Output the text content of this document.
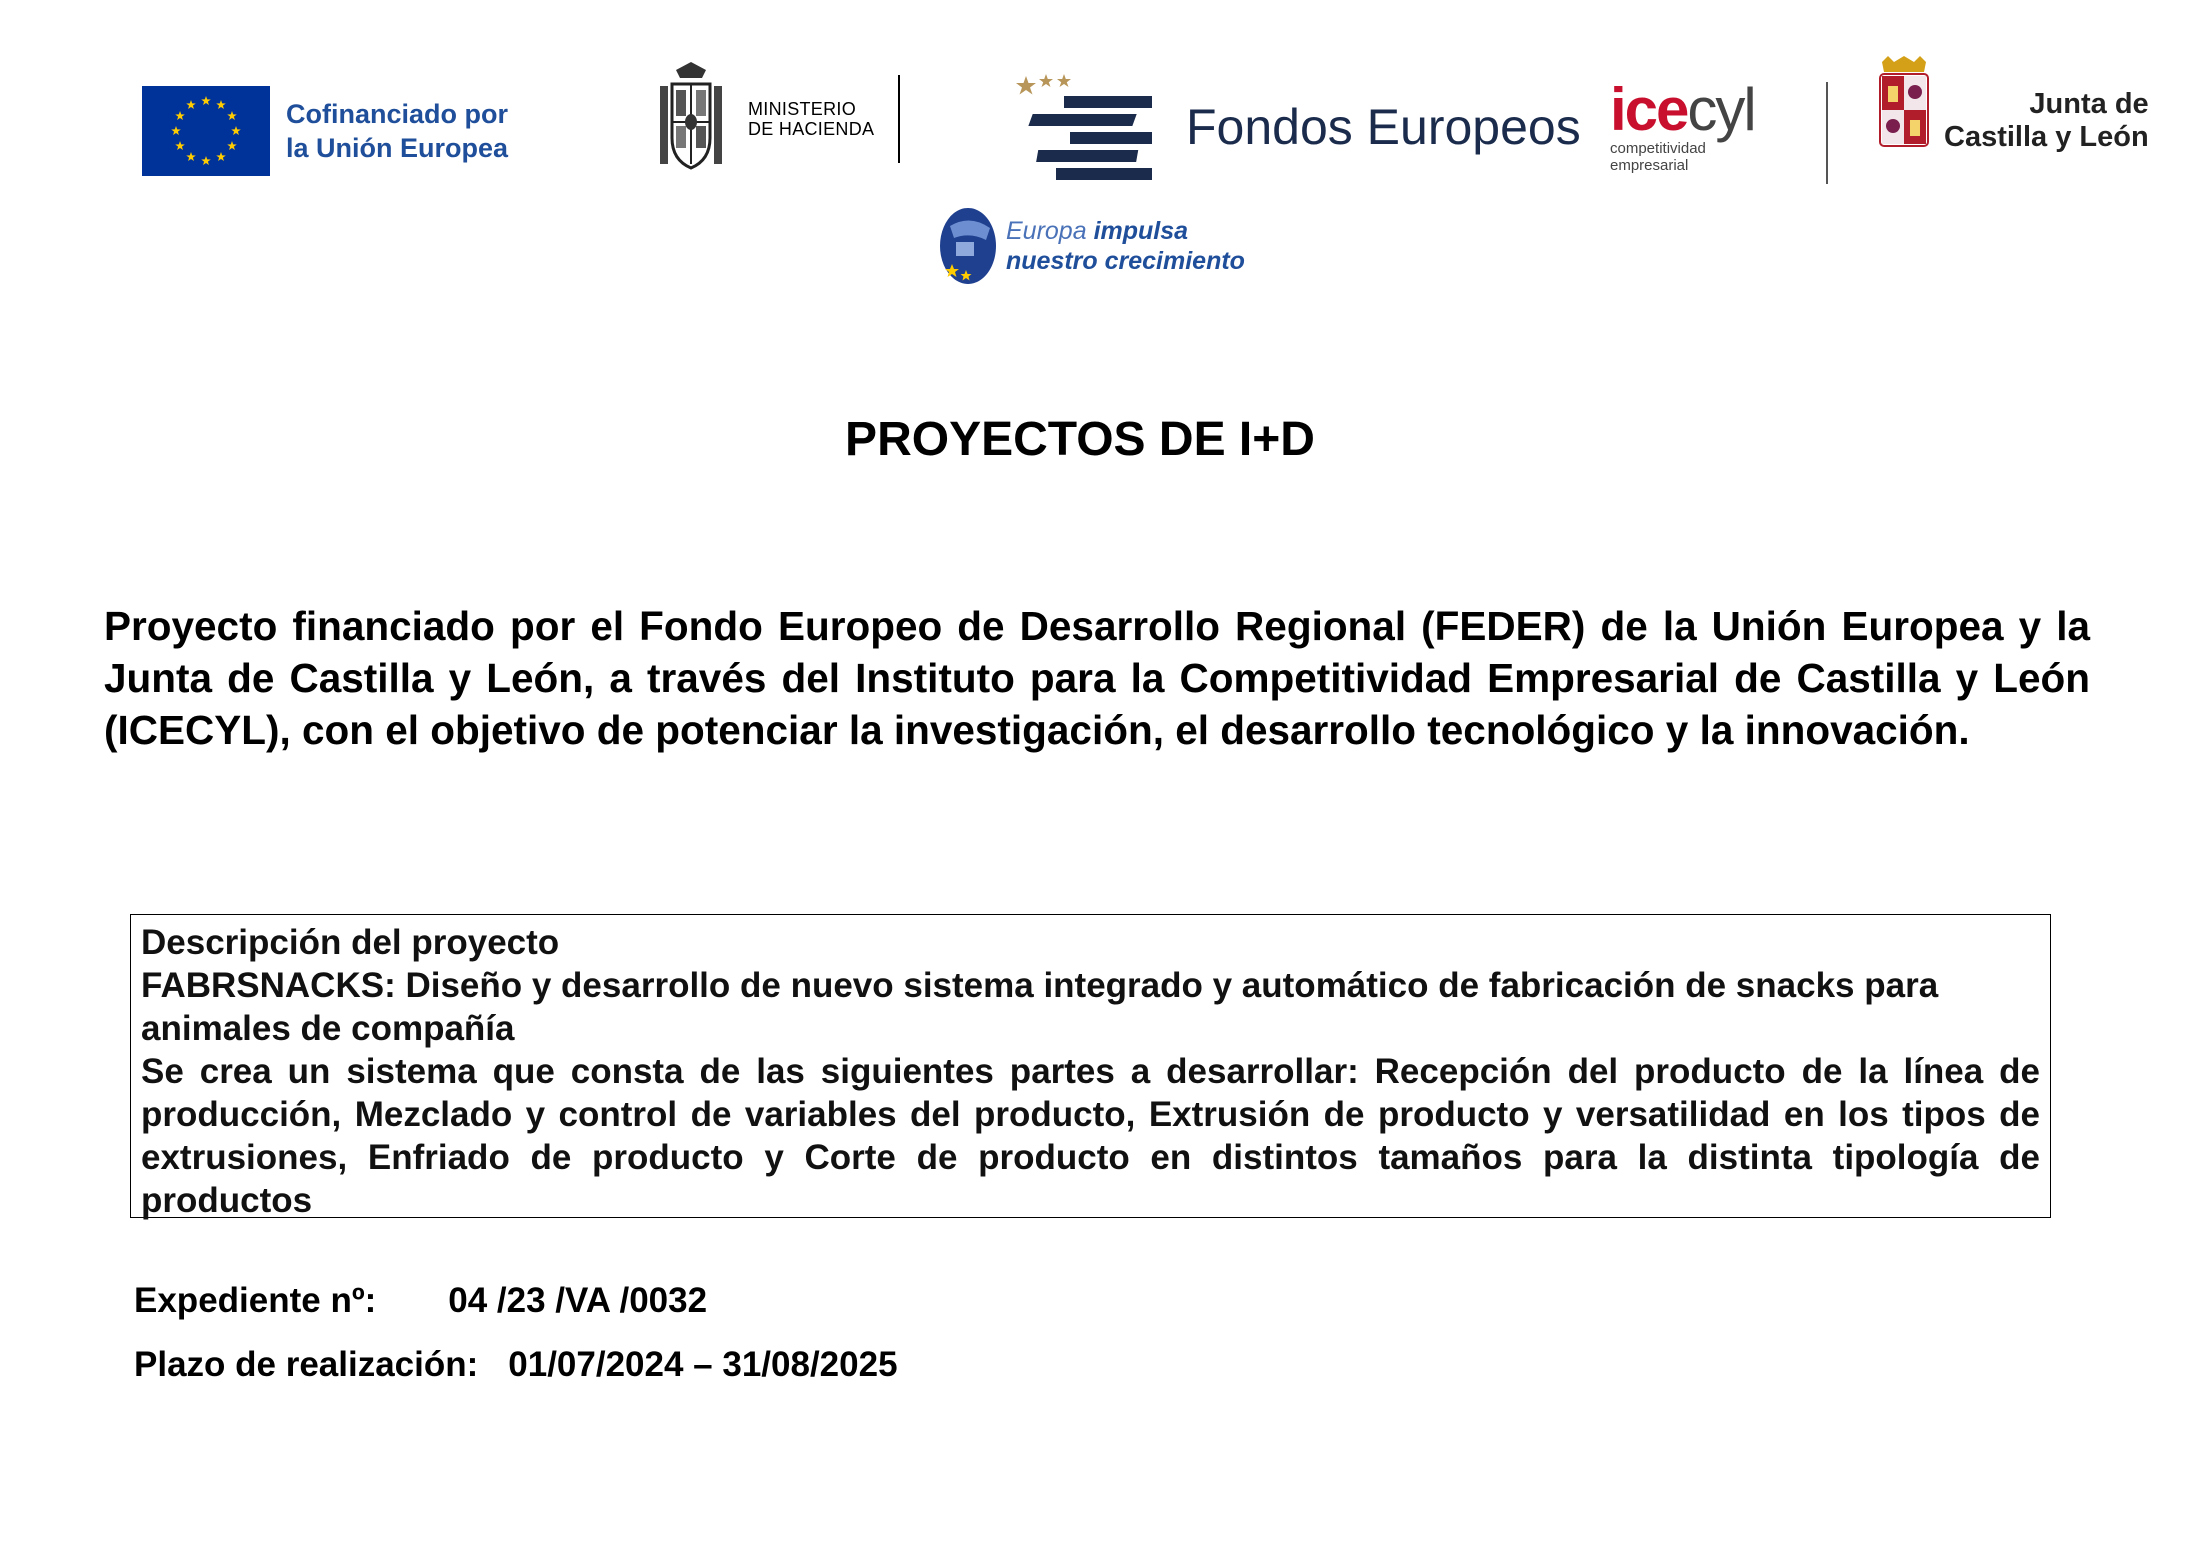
Cofinanciado por
la Unión Europea
MINISTERIO
DE HACIENDA	Fondos Europeos icecyl
competitividad
empresarial
Junta de
Castilla y León
Europa impulsa
nuestro crecimiento
PROYECTOS DE I+D
Proyecto financiado por el Fondo Europeo de Desarrollo Regional (FEDER) de la Unión Europea y la Junta de Castilla y León, a través del Instituto para la Competitividad Empresarial de Castilla y León (ICECYL), con el objetivo de potenciar la investigación, el desarrollo tecnológico y la innovación.
Descripción del proyecto
FABRSNACKS: Diseño y desarrollo de nuevo sistema integrado y automático de fabricación de snacks para animales de compañía
Se crea un sistema que consta de las siguientes partes a desarrollar: Recepción del producto de la línea de producción, Mezclado y control de variables del producto, Extrusión de producto y versatilidad en los tipos de extrusiones, Enfriado de producto y Corte de producto en distintos tamaños para la distinta tipología de productos
Expediente nº: 04 /23 /VA /0032
Plazo de realización: 01/07/2024 – 31/08/2025
